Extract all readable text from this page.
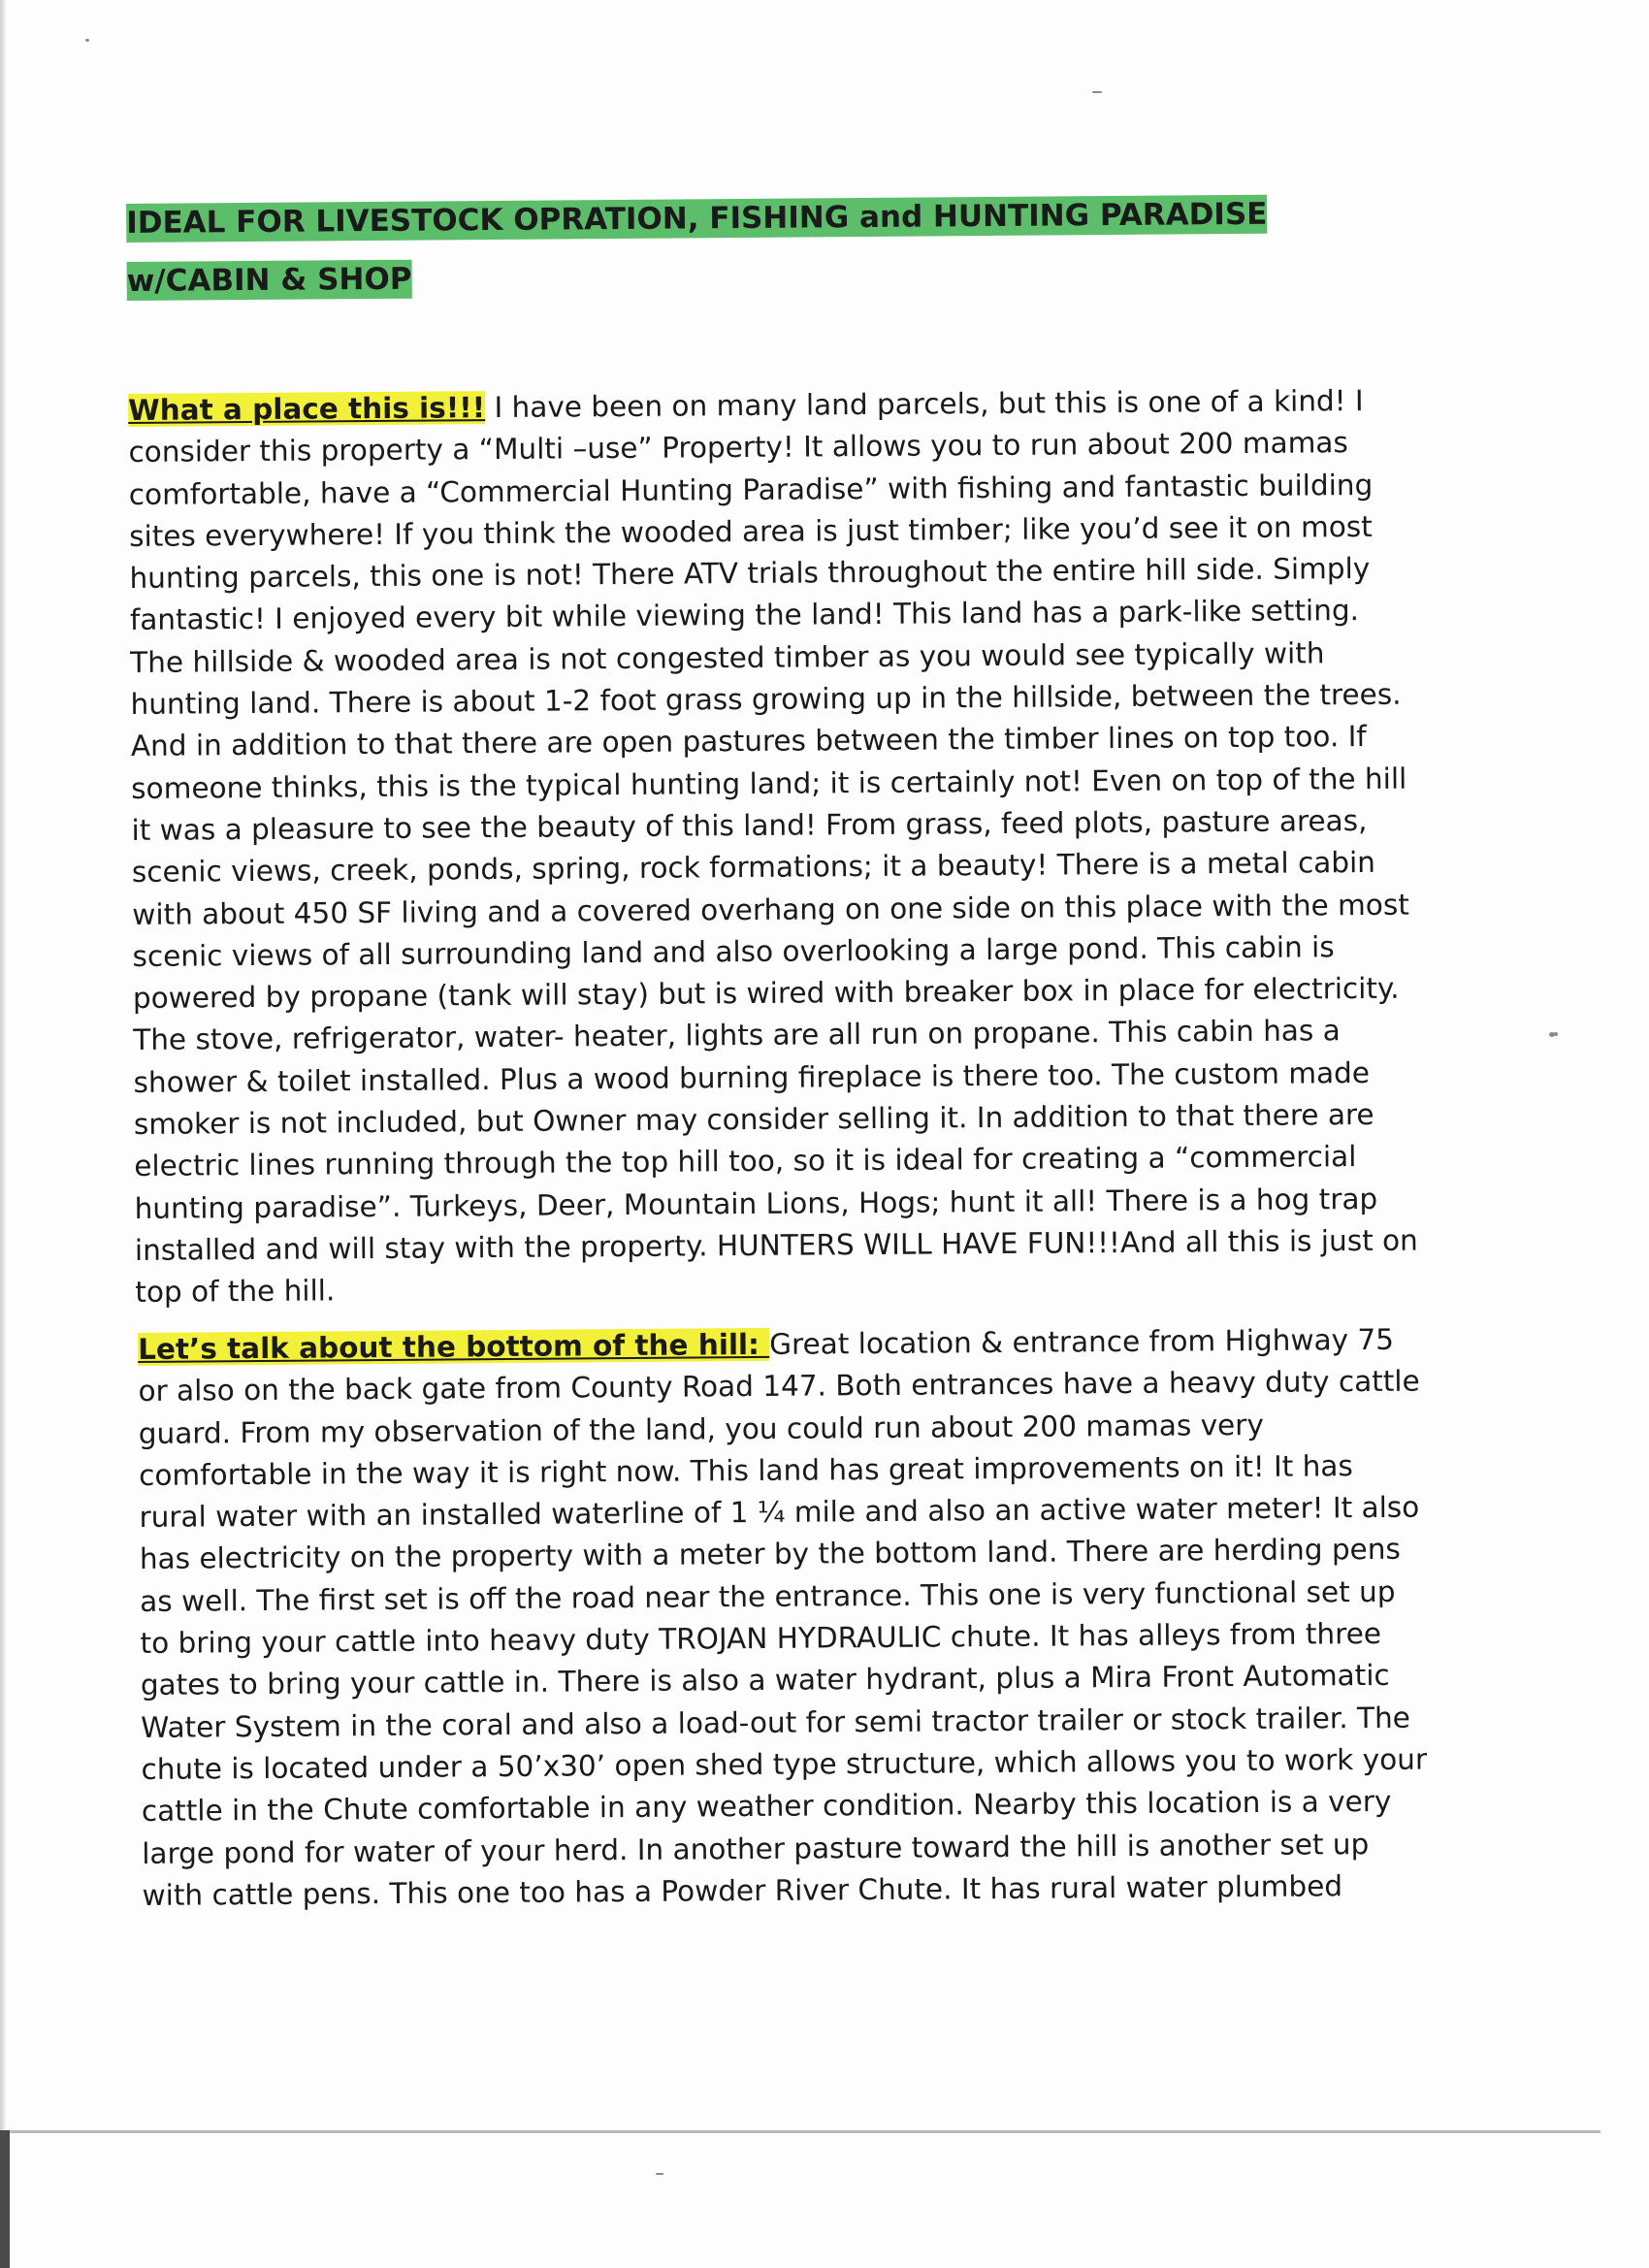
IDEAL FOR LIVESTOCK OPRATION, FISHING and HUNTING PARADISE w/CABIN & SHOP

What a place this is!!! I have been on many land parcels, but this is one of a kind! I consider this property a “Multi –use” Property! It allows you to run about 200 mamas comfortable, have a “Commercial Hunting Paradise” with fishing and fantastic building sites everywhere! If you think the wooded area is just timber; like you’d see it on most hunting parcels, this one is not! There ATV trials throughout the entire hill side. Simply fantastic! I enjoyed every bit while viewing the land! This land has a park-like setting. The hillside & wooded area is not congested timber as you would see typically with hunting land. There is about 1-2 foot grass growing up in the hillside, between the trees. And in addition to that there are open pastures between the timber lines on top too. If someone thinks, this is the typical hunting land; it is certainly not! Even on top of the hill it was a pleasure to see the beauty of this land! From grass, feed plots, pasture areas, scenic views, creek, ponds, spring, rock formations; it a beauty! There is a metal cabin with about 450 SF living and a covered overhang on one side on this place with the most scenic views of all surrounding land and also overlooking a large pond. This cabin is powered by propane (tank will stay) but is wired with breaker box in place for electricity. The stove, refrigerator, water- heater, lights are all run on propane. This cabin has a shower & toilet installed. Plus a wood burning fireplace is there too. The custom made smoker is not included, but Owner may consider selling it. In addition to that there are electric lines running through the top hill too, so it is ideal for creating a “commercial hunting paradise”. Turkeys, Deer, Mountain Lions, Hogs; hunt it all! There is a hog trap installed and will stay with the property. HUNTERS WILL HAVE FUN!!!And all this is just on top of the hill.

Let’s talk about the bottom of the hill: Great location & entrance from Highway 75 or also on the back gate from County Road 147. Both entrances have a heavy duty cattle guard. From my observation of the land, you could run about 200 mamas very comfortable in the way it is right now. This land has great improvements on it! It has rural water with an installed waterline of 1 ¼ mile and also an active water meter! It also has electricity on the property with a meter by the bottom land. There are herding pens as well. The first set is off the road near the entrance. This one is very functional set up to bring your cattle into heavy duty TROJAN HYDRAULIC chute. It has alleys from three gates to bring your cattle in. There is also a water hydrant, plus a Mira Front Automatic Water System in the coral and also a load-out for semi tractor trailer or stock trailer. The chute is located under a 50’x30’ open shed type structure, which allows you to work your cattle in the Chute comfortable in any weather condition. Nearby this location is a very large pond for water of your herd. In another pasture toward the hill is another set up with cattle pens. This one too has a Powder River Chute. It has rural water plumbed
